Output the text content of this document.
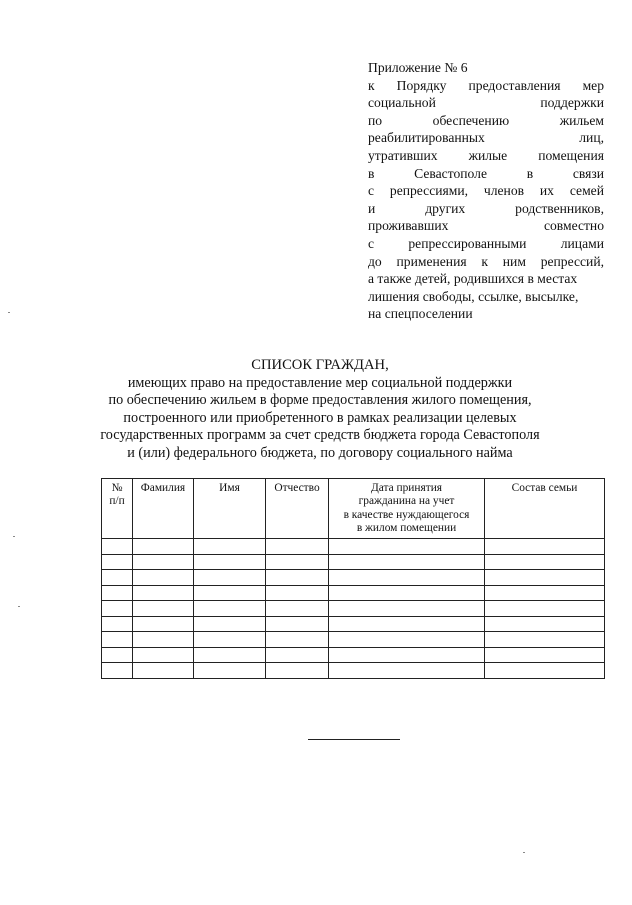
Приложение № 6
к Порядку предоставления мер
социальной поддержки
по обеспечению жильем
реабилитированных лиц,
утративших жилые помещения
в Севастополе в связи
с репрессиями, членов их семей
и других родственников,
проживавших совместно
с репрессированными лицами
до применения к ним репрессий,
а также детей, родившихся в местах
лишения свободы, ссылке, высылке,
на спецпоселении
СПИСОК ГРАЖДАН,
имеющих право на предоставление мер социальной поддержки
по обеспечению жильем в форме предоставления жилого помещения,
построенного или приобретенного в рамках реализации целевых
государственных программ за счет средств бюджета города Севастополя
и (или) федерального бюджета, по договору социального найма
№
п/п	Фамилия	Имя	Отчество	Дата принятия
гражданина на учет
в качестве нуждающегося
в жилом помещении	Состав семьи
